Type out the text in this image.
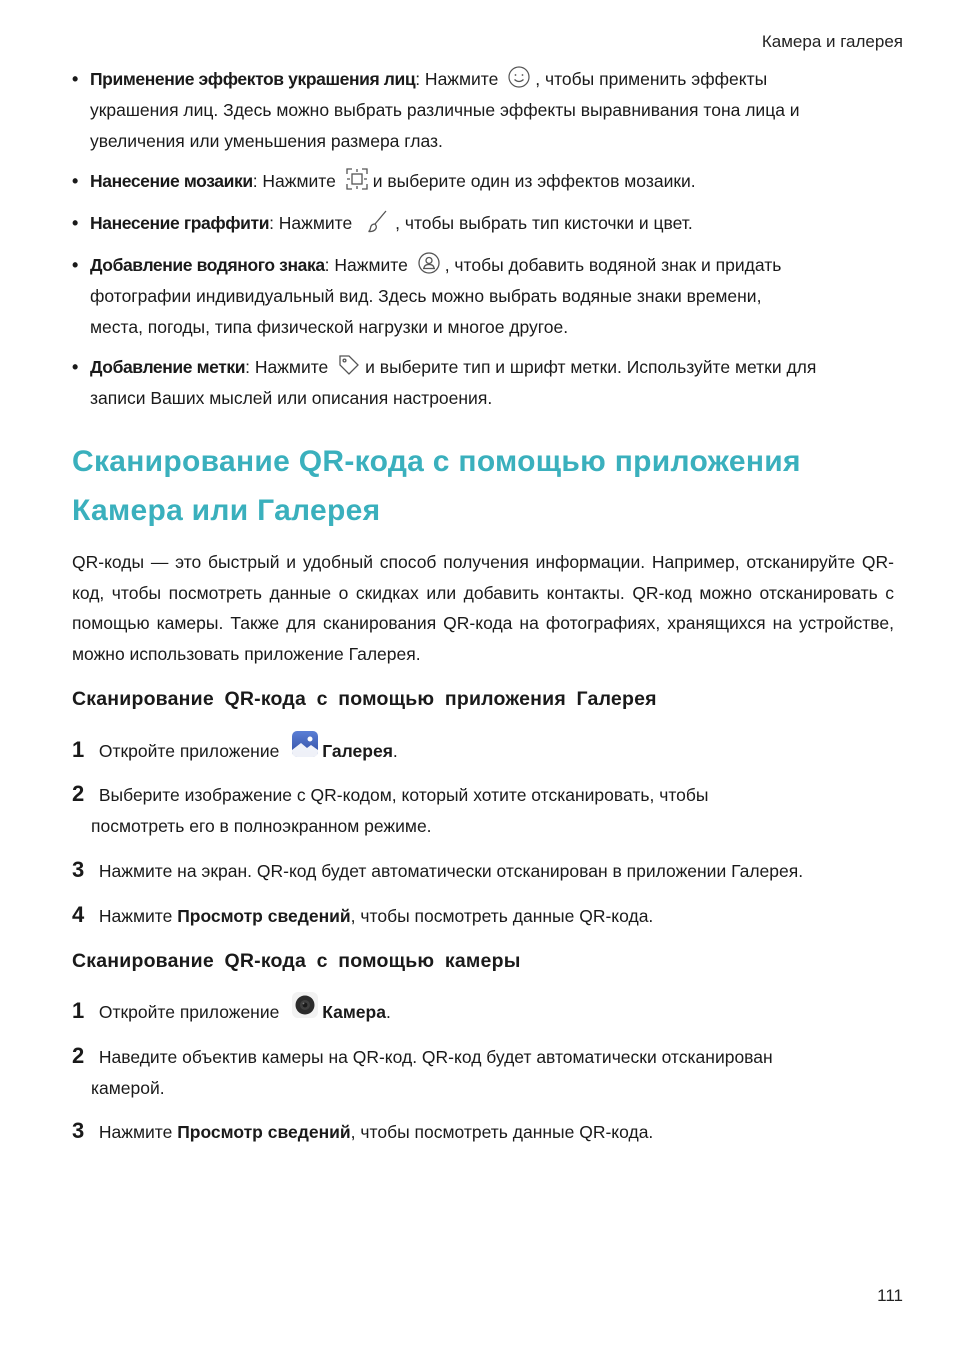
Камера и галерея
• Применение эффектов украшения лиц: Нажмите , чтобы применить эффекты
украшения лиц. Здесь можно выбрать различные эффекты выравнивания тона лица и
увеличения или уменьшения размера глаз.
• Нанесение мозаики: Нажмите и выберите один из эффектов мозаики.
• Нанесение граффити: Нажмите , чтобы выбрать тип кисточки и цвет.
• Добавление водяного знака: Нажмите , чтобы добавить водяной знак и придать
фотографии индивидуальный вид. Здесь можно выбрать водяные знаки времени,
места, погоды, типа физической нагрузки и многое другое.
• Добавление метки: Нажмите и выберите тип и шрифт метки. Используйте метки для
записи Ваших мыслей или описания настроения.
Сканирование QR-кода с помощью приложения
Камера или Галерея
QR-коды — это быстрый и удобный способ получения информации. Например, отсканируйте QR-код, чтобы посмотреть данные о скидках или добавить контакты. QR-код можно отсканировать с помощью камеры. Также для сканирования QR-кода на фотографиях, хранящихся на устройстве, можно использовать приложение Галерея.
Сканирование QR-кода с помощью приложения Галерея
1 Откройте приложение Галерея.
2 Выберите изображение с QR-кодом, который хотите отсканировать, чтобы
посмотреть его в полноэкранном режиме.
3 Нажмите на экран. QR-код будет автоматически отсканирован в приложении Галерея.
4 Нажмите Просмотр сведений, чтобы посмотреть данные QR-кода.
Сканирование QR-кода с помощью камеры
1 Откройте приложение Камера.
2 Наведите объектив камеры на QR-код. QR-код будет автоматически отсканирован
камерой.
3 Нажмите Просмотр сведений, чтобы посмотреть данные QR-кода.
111
